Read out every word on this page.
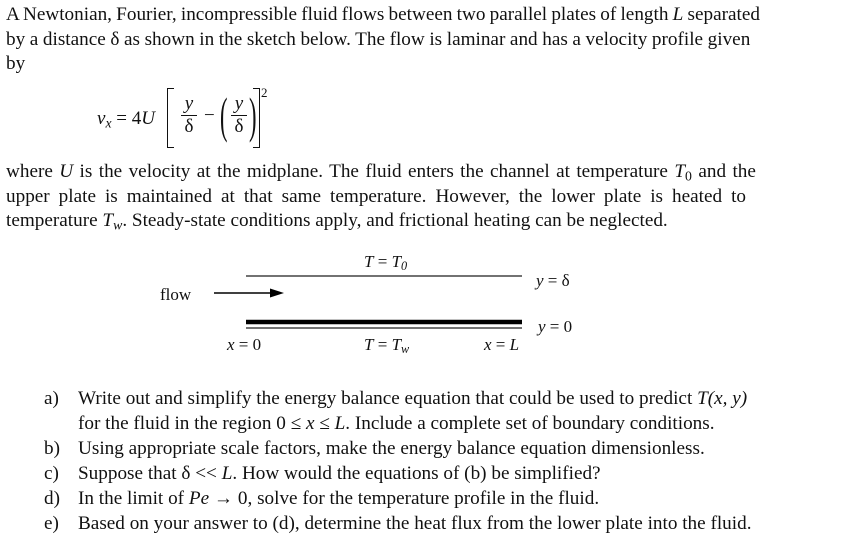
A Newtonian, Fourier, incompressible fluid flows between two parallel plates of length L separated
by a distance δ as shown in the sketch below. The flow is laminar and has a velocity profile given
by
$v_x = 4U$
y
δ
− ( y
δ ) 2
where U is the velocity at the midplane. The fluid enters the channel at temperature $T_0$ and the
upper plate is maintained at that same temperature. However, the lower plate is heated to
temperature $T_w$. Steady-state conditions apply, and frictional heating can be neglected.
$T = T_0$
flow
y = δ
y = 0
x = 0	$T = T_w$	x = L
a) Write out and simplify the energy balance equation that could be used to predict T(x, y)
for the fluid in the region 0 ≤ x ≤ L. Include a complete set of boundary conditions.
b) Using appropriate scale factors, make the energy balance equation dimensionless.
c) Suppose that δ << L. How would the equations of (b) be simplified?
d) In the limit of Pe → 0, solve for the temperature profile in the fluid.
e) Based on your answer to (d), determine the heat flux from the lower plate into the fluid.
